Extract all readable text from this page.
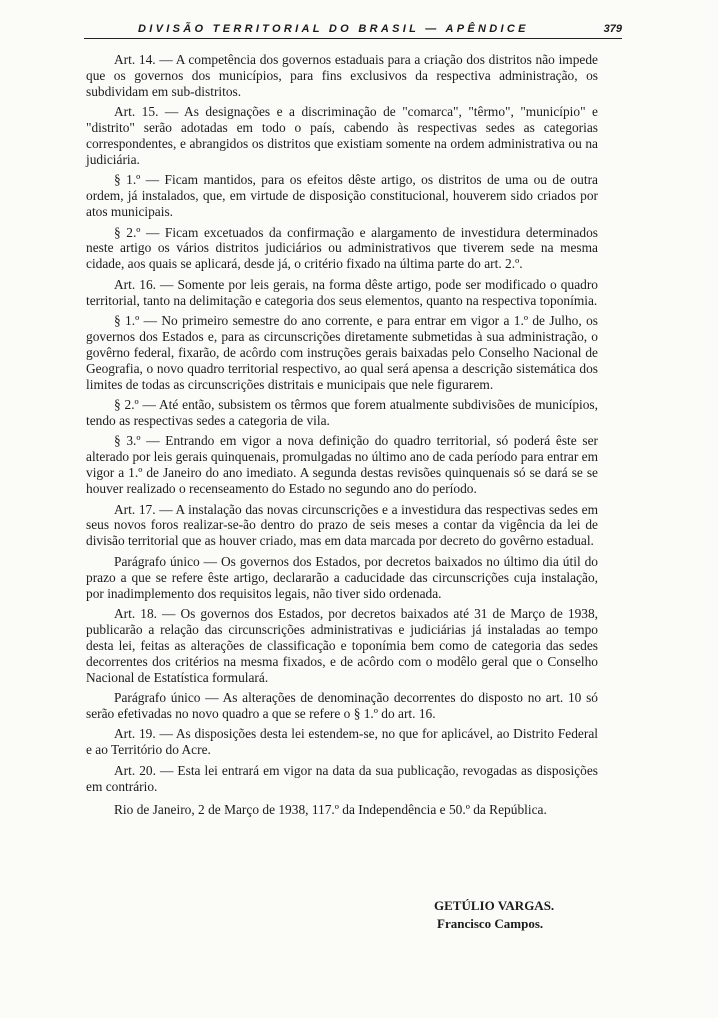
DIVISÃO TERRITORIAL DO BRASIL — APÊNDICE	379

Art. 14. — A competência dos governos estaduais para a criação dos distritos não impede que os governos dos municípios, para fins exclusivos da respectiva administração, os subdividam em sub-distritos.

Art. 15. — As designações e a discriminação de "comarca", "têrmo", "município" e "distrito" serão adotadas em todo o país, cabendo às respectivas sedes as categorias correspondentes, e abrangidos os distritos que existiam somente na ordem administrativa ou na judiciária.

§ 1.º — Ficam mantidos, para os efeitos dêste artigo, os distritos de uma ou de outra ordem, já instalados, que, em virtude de disposição constitucional, houverem sido criados por atos municipais.

§ 2.º — Ficam excetuados da confirmação e alargamento de investidura determinados neste artigo os vários distritos judiciários ou administrativos que tiverem sede na mesma cidade, aos quais se aplicará, desde já, o critério fixado na última parte do art. 2.º.

Art. 16. — Somente por leis gerais, na forma dêste artigo, pode ser modificado o quadro territorial, tanto na delimitação e categoria dos seus elementos, quanto na respectiva toponímia.

§ 1.º — No primeiro semestre do ano corrente, e para entrar em vigor a 1.º de Julho, os governos dos Estados e, para as circunscrições diretamente submetidas à sua administração, o govêrno federal, fixarão, de acôrdo com instruções gerais baixadas pelo Conselho Nacional de Geografia, o novo quadro territorial respectivo, ao qual será apensa a descrição sistemática dos limites de todas as circunscrições distritais e municipais que nele figurarem.

§ 2.º — Até então, subsistem os têrmos que forem atualmente subdivisões de municípios, tendo as respectivas sedes a categoria de vila.

§ 3.º — Entrando em vigor a nova definição do quadro territorial, só poderá êste ser alterado por leis gerais quinquenais, promulgadas no último ano de cada período para entrar em vigor a 1.º de Janeiro do ano imediato. A segunda destas revisões quinquenais só se dará se se houver realizado o recenseamento do Estado no segundo ano do período.

Art. 17. — A instalação das novas circunscrições e a investidura das respectivas sedes em seus novos foros realizar-se-ão dentro do prazo de seis meses a contar da vigência da lei de divisão territorial que as houver criado, mas em data marcada por decreto do govêrno estadual.

Parágrafo único — Os governos dos Estados, por decretos baixados no último dia útil do prazo a que se refere êste artigo, declararão a caducidade das circunscrições cuja instalação, por inadimplemento dos requisitos legais, não tiver sido ordenada.

Art. 18. — Os governos dos Estados, por decretos baixados até 31 de Março de 1938, publicarão a relação das circunscrições administrativas e judiciárias já instaladas ao tempo desta lei, feitas as alterações de classificação e toponímia bem como de categoria das sedes decorrentes dos critérios na mesma fixados, e de acôrdo com o modêlo geral que o Conselho Nacional de Estatística formulará.

Parágrafo único — As alterações de denominação decorrentes do disposto no art. 10 só serão efetivadas no novo quadro a que se refere o § 1.º do art. 16.

Art. 19. — As disposições desta lei estendem-se, no que for aplicável, ao Distrito Federal e ao Território do Acre.

Art. 20. — Esta lei entrará em vigor na data da sua publicação, revogadas as disposições em contrário.

Rio de Janeiro, 2 de Março de 1938, 117.º da Independência e 50.º da República.

GETÚLIO VARGAS.
Francisco Campos.
